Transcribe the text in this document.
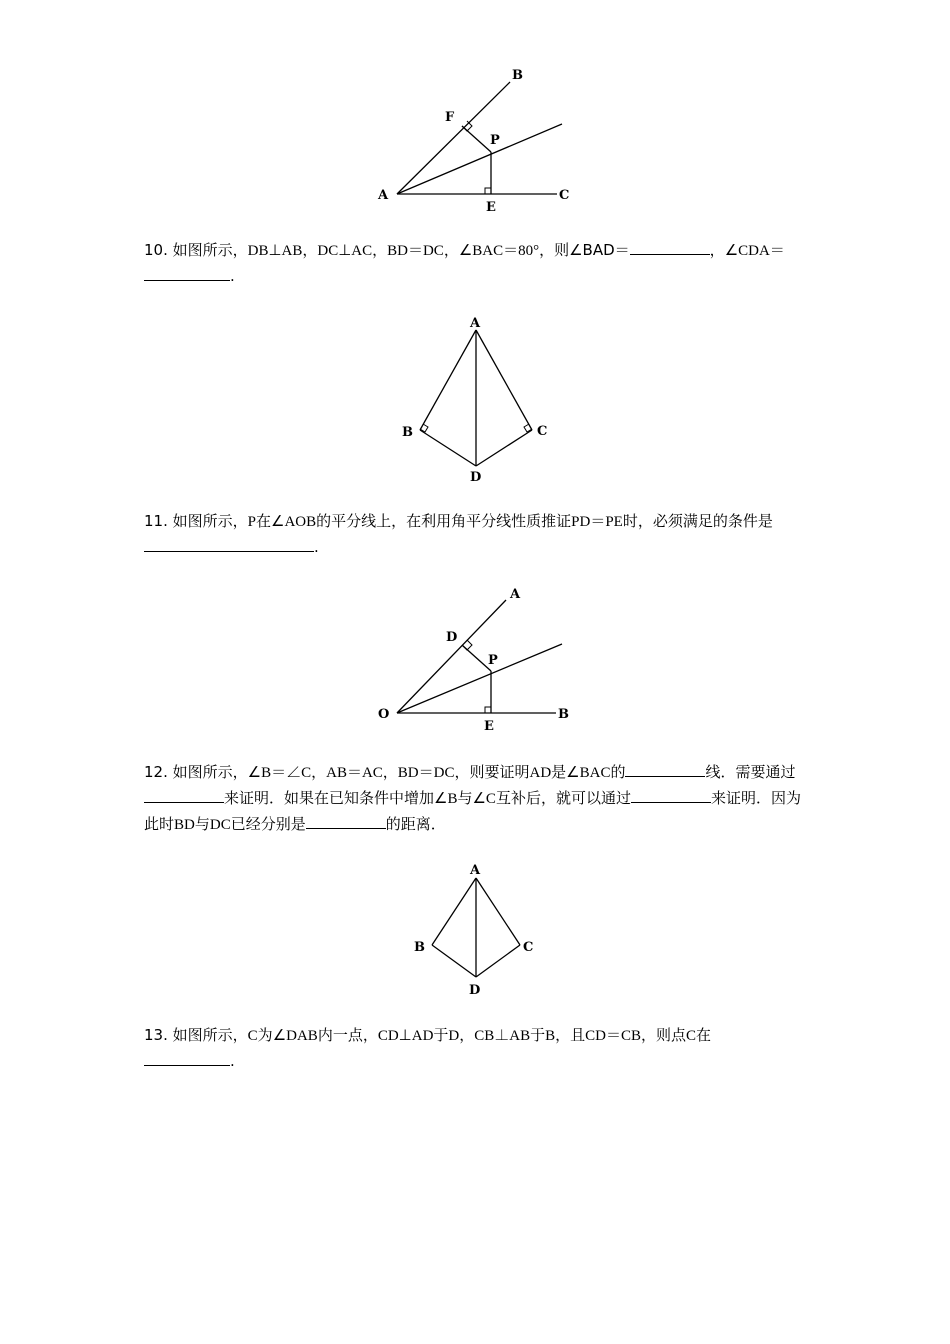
A
B
C
E
F
P

10. 如图所示，DB⊥AB，DC⊥AC，BD＝DC，∠BAC＝80°，则∠BAD＝	，∠CDA＝
.

A
B	C
D

11. 如图所示，P在∠AOB的平分线上，在利用角平分线性质推证PD＝PE时，必须满足的条件是.

A
B
D
E
O
P

12. 如图所示，∠B＝∠C，AB＝AC，BD＝DC，则要证明AD是∠BAC的	线．需要通过来证明．如果在已知条件中增加∠B与∠C互补后，就可以通过	来证明．因为此时BD与DC已经分别是	的距离．

A
B	C
D

13. 如图所示，C为∠DAB内一点，CD⊥AD于D，CB⊥AB于B，且CD＝CB，则点C在
.
